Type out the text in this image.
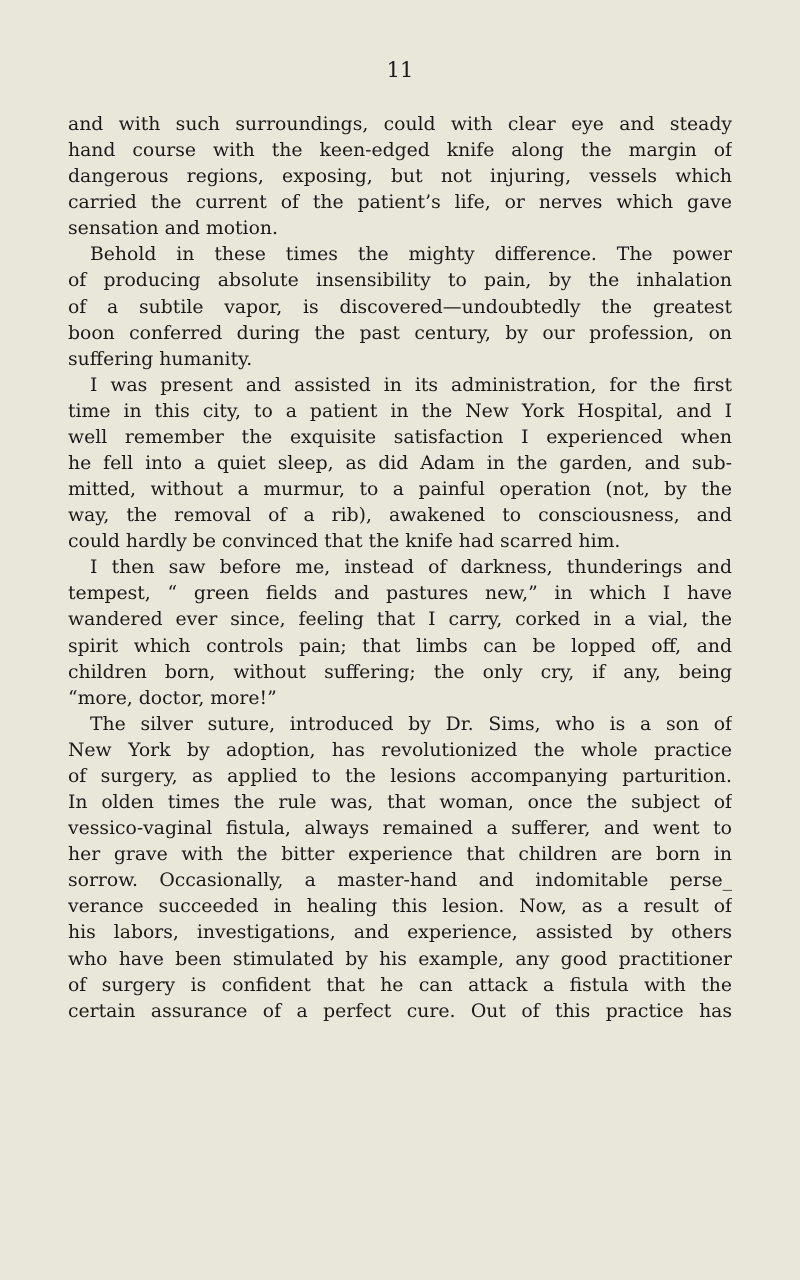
11
and with such surroundings, could with clear eye and steady
hand course with the keen-edged knife along the margin of
dangerous regions, exposing, but not injuring, vessels which
carried the current of the patient’s life, or nerves which gave
sensation and motion.
Behold in these times the mighty difference. The power
of producing absolute insensibility to pain, by the inhalation
of a subtile vapor, is discovered—undoubtedly the greatest
boon conferred during the past century, by our profession, on
suffering humanity.
I was present and assisted in its administration, for the first
time in this city, to a patient in the New York Hospital, and I
well remember the exquisite satisfaction I experienced when
he fell into a quiet sleep, as did Adam in the garden, and sub-
mitted, without a murmur, to a painful operation (not, by the
way, the removal of a rib), awakened to consciousness, and
could hardly be convinced that the knife had scarred him.
I then saw before me, instead of darkness, thunderings and
tempest, “ green fields and pastures new,” in which I have
wandered ever since, feeling that I carry, corked in a vial, the
spirit which controls pain; that limbs can be lopped off, and
children born, without suffering; the only cry, if any, being
“more, doctor, more!”
The silver suture, introduced by Dr. Sims, who is a son of
New York by adoption, has revolutionized the whole practice
of surgery, as applied to the lesions accompanying parturition.
In olden times the rule was, that woman, once the subject of
vessico-vaginal fistula, always remained a sufferer, and went to
her grave with the bitter experience that children are born in
sorrow. Occasionally, a master-hand and indomitable perse_
verance succeeded in healing this lesion. Now, as a result of
his labors, investigations, and experience, assisted by others
who have been stimulated by his example, any good practitioner
of surgery is confident that he can attack a fistula with the
certain assurance of a perfect cure. Out of this practice has
